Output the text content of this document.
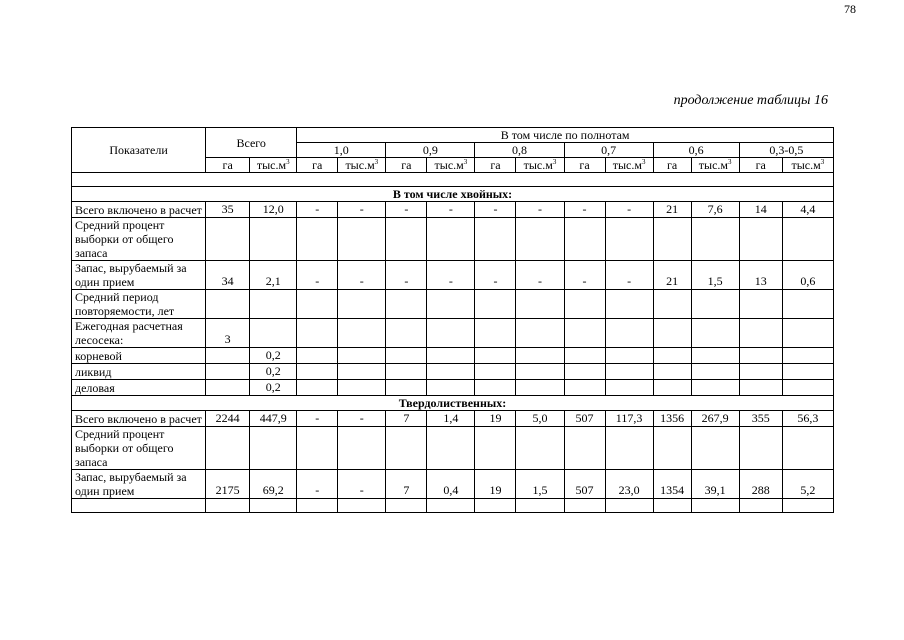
78
продолжение таблицы 16
Показатели	Всего		В том числе по полнотам											
			1,0		0,9		0,8		0,7		0,6		0,3-0,5	
	га	$тыс.м^3$	га	$тыс.м^3$	га	$тыс.м^3$	га	$тыс.м^3$	га	$тыс.м^3$	га	$тыс.м^3$	га	$тыс.м^3$

В том числе хвойных:														
Всего включено в расчет	35	12,0	-	-	-	-	-	-	-	-	21	7,6	14	4,4
Средний процент выборки от общего запаса														
Запас, вырубаемый за один прием	34	2,1	-	-	-	-	-	-	-	-	21	1,5	13	0,6
Средний период повторяемости, лет														
Ежегодная расчетная лесосека:	3													
корневой		0,2												
ликвид		0,2												
деловая		0,2												
Твердолиственных:														
Всего включено в расчет	2244	447,9	-	-	7	1,4	19	5,0	507	117,3	1356	267,9	355	56,3
Средний процент выборки от общего запаса														
Запас, вырубаемый за один прием	2175	69,2	-	-	7	0,4	19	1,5	507	23,0	1354	39,1	288	5,2
